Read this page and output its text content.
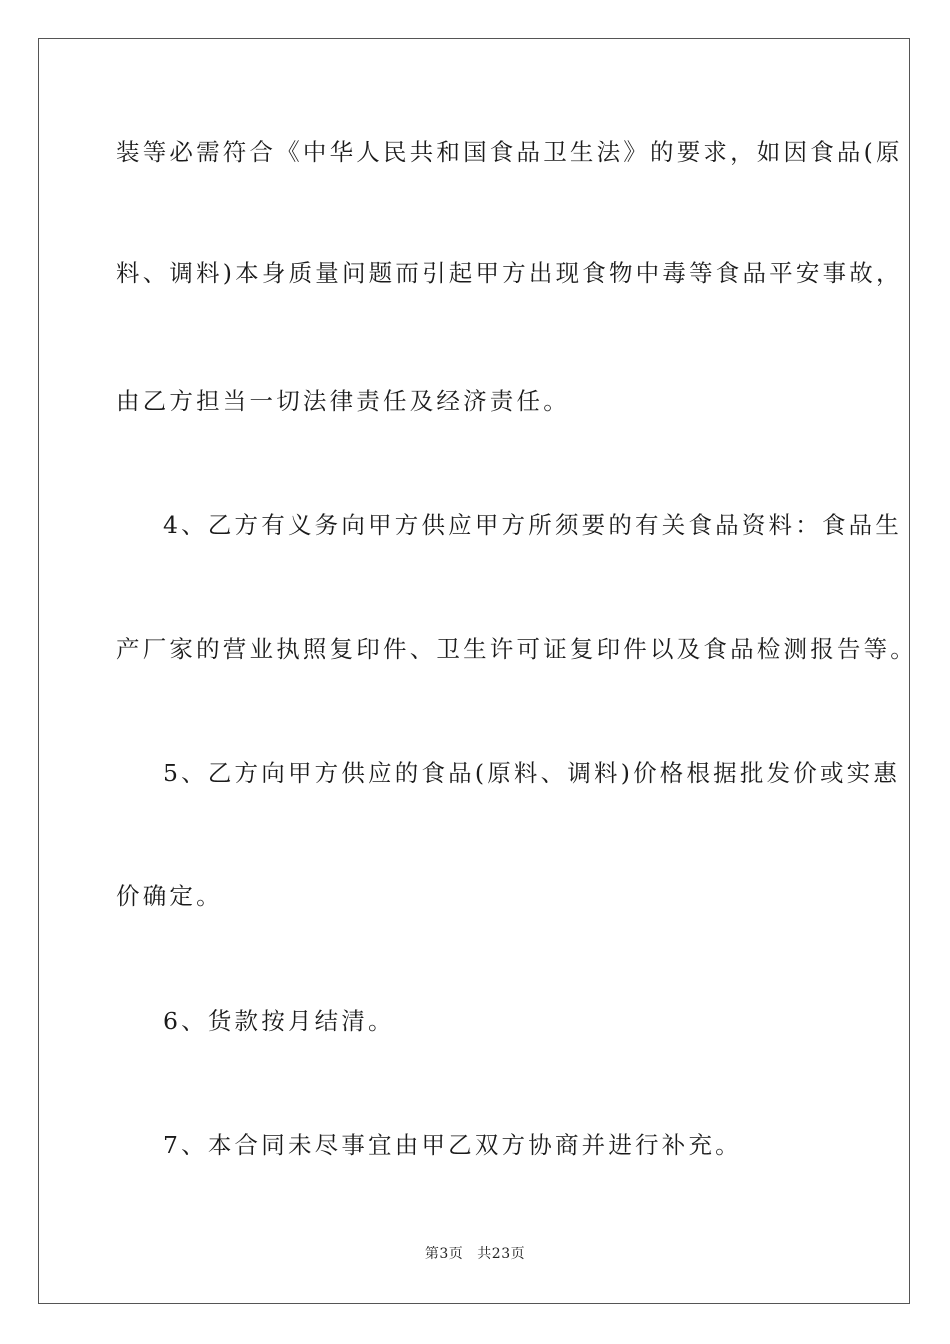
装等必需符合《中华人民共和国食品卫生法》的要求，如因食品(原
料、调料)本身质量问题而引起甲方出现食物中毒等食品平安事故，
由乙方担当一切法律责任及经济责任。
4、乙方有义务向甲方供应甲方所须要的有关食品资料：食品生
产厂家的营业执照复印件、卫生许可证复印件以及食品检测报告等。
5、乙方向甲方供应的食品(原料、调料)价格根据批发价或实惠
价确定。
6、货款按月结清。
7、本合同未尽事宜由甲乙双方协商并进行补充。
第3页 共23页
